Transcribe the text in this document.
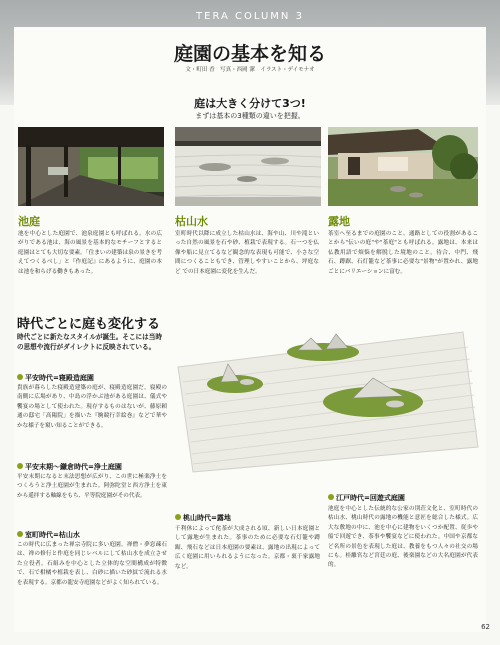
TERA COLUMN 3
庭園の基本を知る
文・町田 香　写真・西岡 潔　イラスト・デイモナオ
庭は大きく分けて3つ!
まずは基本の3種類の違いを把握。
池庭
池を中心とした庭園で、池泉庭園とも呼ばれる。水の広がりである池は、海の風景を基本的なモチーフとすると庭園はとても大切な要素。「住まいの建築は泉の景きを考えてつくるべし」と『作庭記』にあるように、庭園の本は池を和らげる働きもあった。
枯山水
室町時代以降に成立した枯山水は、海や山、川や滝といった自然の風景を石や砂、植栽で表現する。石一つを仏像や船に見立てるなど観念的な表現も可能で、小さな空間につくることもでき、管理しやすいことから、坪庭など での日本庭園に変化を生んだ。
露地
茶室へ至るまでの庭園のこと。通路としての役割があることから"伝いの庭"や"茶庭"とも呼ばれる。露地は、本来は仏教用語で煩悩を解脱した境地のこと。待合、中門、飛石、蹲踞、石灯籠など茶事に必要な"景物"が置かれ、露地ごとにバリエーションに富む。
時代ごとに庭も変化する
時代ごとに新たなスタイルが誕生。そこには当時の思想や流行がダイレクトに反映されている。
平安時代=寝殿造庭園
貴族が暮らした寝殿造建築の庭が、寝殿造庭園だ。寝殿の南側に広場があり、中島の浮かぶ池がある庭園は、儀式や饗宴の場として使われた。現存するものはないが、藤原頼通の邸宅「高陽院」を描いた『駒競行幸絵巻』などで華やかな様子を窺い知ることができる。
平安末期〜鎌倉時代=浄土庭園
平安末期になると末法思想が広がり、この世に極楽浄土をつくろうと浄土庭園が生まれた。阿弥陀堂と西方浄土を東から遥拝する軸線をもち、平等院庭園がその代表。
室町時代=枯山水
この時代に広まった禅宗寺院に多い庭園。禅僧・夢窓疎石は、禅の修行と作庭を同じレベルにして枯山水を成立させた立役者。石組みを中心とした立体的な空間構成が特徴で、石で柑橘や植栽を表し、白砂に描いた砂紋で流れる水を表現する。京都の龍安寺庭園などがよく知られている。
桃山時代=露地
千利休によって侘茶が大成される頃、新しい日本庭園として露地が生まれた。茶事のために必要な石灯籠や蹲踞、飛石などは日本庭園の要素は、露地の出現によって広く庭園に用いられるようになった。京都・裏千家露地など。
江戸時代=回遊式庭園
池庭を中心とした伝統的な公家の別荘文化と、室町時代の枯山水、桃山時代の露地の機能と意匠を総合した様式。広大な敷地の中に、池を中心に建物をいくつか配置、従歩や船で回遊でき、茶事や饗宴などに使われた。中国や京都など名所の景色を表現した庭は、教養をもつ人々の社交の場にも。桂離宮など宮廷の庭、後楽園などの大名庭園が代表的。
62
